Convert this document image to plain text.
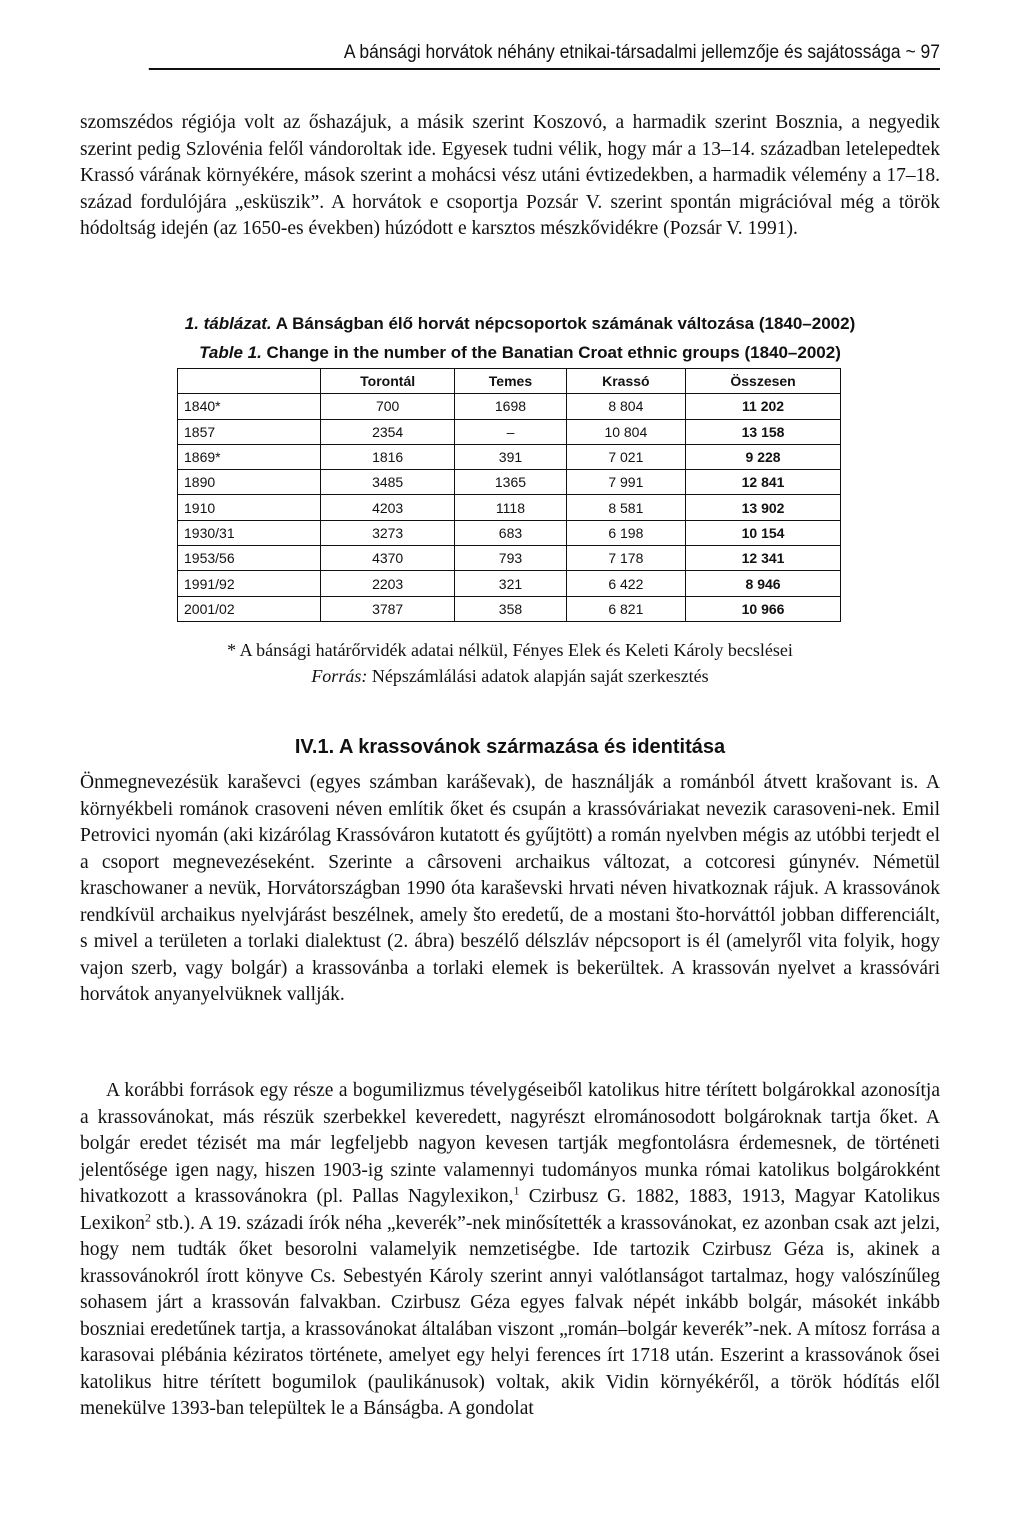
A bánsági horvátok néhány etnikai-társadalmi jellemzője és sajátossága ~ 97

szomszédos régiója volt az őshazájuk, a másik szerint Koszovó, a harmadik szerint Bosznia, a negyedik szerint pedig Szlovénia felől vándoroltak ide. Egyesek tudni vélik, hogy már a 13–14. században letelepedtek Krassó várának környékére, mások szerint a mohácsi vész utáni évtizedekben, a harmadik vélemény a 17–18. század fordulójára „esküszik”. A horvátok e csoportja Pozsár V. szerint spontán migrációval még a török hódoltság idején (az 1650-es években) húzódott e karsztos mészkővidékre (Pozsár V. 1991).

1. táblázat. A Bánságban élő horvát népcsoportok számának változása (1840–2002)
Table 1. Change in the number of the Banatian Croat ethnic groups (1840–2002)
	Torontál	Temes	Krassó	Összesen
1840*	700	1698	8 804	11 202
1857	2354	–	10 804	13 158
1869*	1816	391	7 021	9 228
1890	3485	1365	7 991	12 841
1910	4203	1118	8 581	13 902
1930/31	3273	683	6 198	10 154
1953/56	4370	793	7 178	12 341
1991/92	2203	321	6 422	8 946
2001/02	3787	358	6 821	10 966
* A bánsági határőrvidék adatai nélkül, Fényes Elek és Keleti Károly becslései
Forrás: Népszámlálási adatok alapján saját szerkesztés
IV.1. A krassovánok származása és identitása

Önmegnevezésük karaševci (egyes számban karáševak), de használják a románból átvett krašovant is. A környékbeli románok crasoveni néven említik őket és csupán a krassóváriakat nevezik carasoveni-nek. Emil Petrovici nyomán (aki kizárólag Krassóváron kutatott és gyűjtött) a román nyelvben mégis az utóbbi terjedt el a csoport megnevezéseként. Szerinte a cârsoveni archaikus változat, a cotcoresi gúnynév. Németül kraschowaner a nevük, Horvátországban 1990 óta karaševski hrvati néven hivatkoznak rájuk. A krassovánok rendkívül archaikus nyelvjárást beszélnek, amely što eredetű, de a mostani što-horváttól jobban differenciált, s mivel a területen a torlaki dialektust (2. ábra) beszélő délszláv népcsoport is él (amelyről vita folyik, hogy vajon szerb, vagy bolgár) a krassovánba a torlaki elemek is bekerültek. A krassován nyelvet a krassóvári horvátok anyanyelvüknek vallják.

A korábbi források egy része a bogumilizmus tévelygéseiből katolikus hitre térített bolgárokkal azonosítja a krassovánokat, más részük szerbekkel keveredett, nagyrészt elrománosodott bolgároknak tartja őket. A bolgár eredet tézisét ma már legfeljebb nagyon kevesen tartják megfontolásra érdemesnek, de történeti jelentősége igen nagy, hiszen 1903-ig szinte valamennyi tudományos munka római katolikus bolgárokként hivatkozott a krassovánokra (pl. Pallas Nagylexikon,$^1$ Czirbusz G. 1882, 1883, 1913, Magyar Katolikus Lexikon$^2$ stb.). A 19. századi írók néha „keverék”-nek minősítették a krassovánokat, ez azonban csak azt jelzi, hogy nem tudták őket besorolni valamelyik nemzetiségbe. Ide tartozik Czirbusz Géza is, akinek a krassovánokról írott könyve Cs. Sebestyén Károly szerint annyi valótlanságot tartalmaz, hogy valószínűleg sohasem járt a krassován falvakban. Czirbusz Géza egyes falvak népét inkább bolgár, másokét inkább boszniai eredetűnek tartja, a krassovánokat általában viszont „román–bolgár keverék”-nek. A mítosz forrása a karasovai plébánia kéziratos története, amelyet egy helyi ferences írt 1718 után. Eszerint a krassovánok ősei katolikus hitre térített bogumilok (paulikánusok) voltak, akik Vidin környékéről, a török hódítás elől menekülve 1393-ban települtek le a Bánságba. A gondolat
